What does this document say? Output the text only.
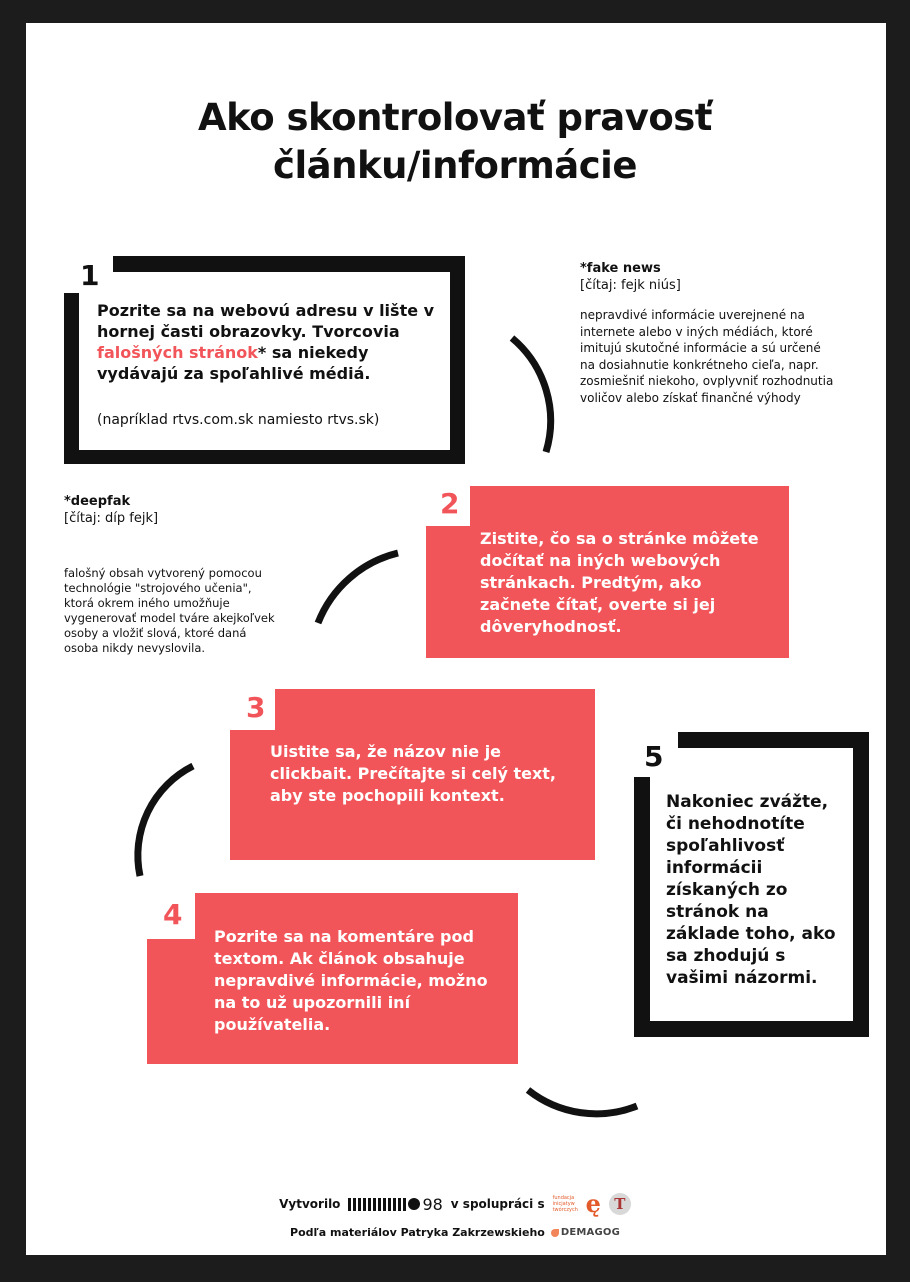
Ako skontrolovať pravosť
článku/informácie
1
Pozrite sa na webovú adresu v lište v hornej časti obrazovky. Tvorcovia falošných stránok* sa niekedy vydávajú za spoľahlivé médiá.
(napríklad rtvs.com.sk namiesto rtvs.sk)
*fake news
[čítaj: fejk niús]
nepravdivé informácie uverejnené na internete alebo v iných médiách, ktoré imitujú skutočné informácie a sú určené na dosiahnutie konkrétneho cieľa, napr. zosmiešniť niekoho, ovplyvniť rozhodnutia voličov alebo získať finančné výhody
2
Zistite, čo sa o stránke môžete dočítať na iných webových stránkach. Predtým, ako začnete čítať, overte si jej dôveryhodnosť.
*deepfak
[čítaj: díp fejk]
falošný obsah vytvorený pomocou technológie "strojového učenia", ktorá okrem iného umožňuje vygenerovať model tváre akejkoľvek osoby a vložiť slová, ktoré daná osoba nikdy nevyslovila.
3
Uistite sa, že názov nie je clickbait. Prečítajte si celý text, aby ste pochopili kontext.
4
Pozrite sa na komentáre pod textom. Ak článok obsahuje nepravdivé informácie, možno na to už upozornili iní používatelia.
5
Nakoniec zvážte, či nehodnotíte spoľahlivosť informácii získaných zo stránok na základe toho, ako sa zhodujú s vašimi názormi.
Vytvorilo	98 v spolupráci s fundacja inicjatyw twórczych ę T
Podľa materiálov Patryka Zakrzewskieho DEMAGOG
